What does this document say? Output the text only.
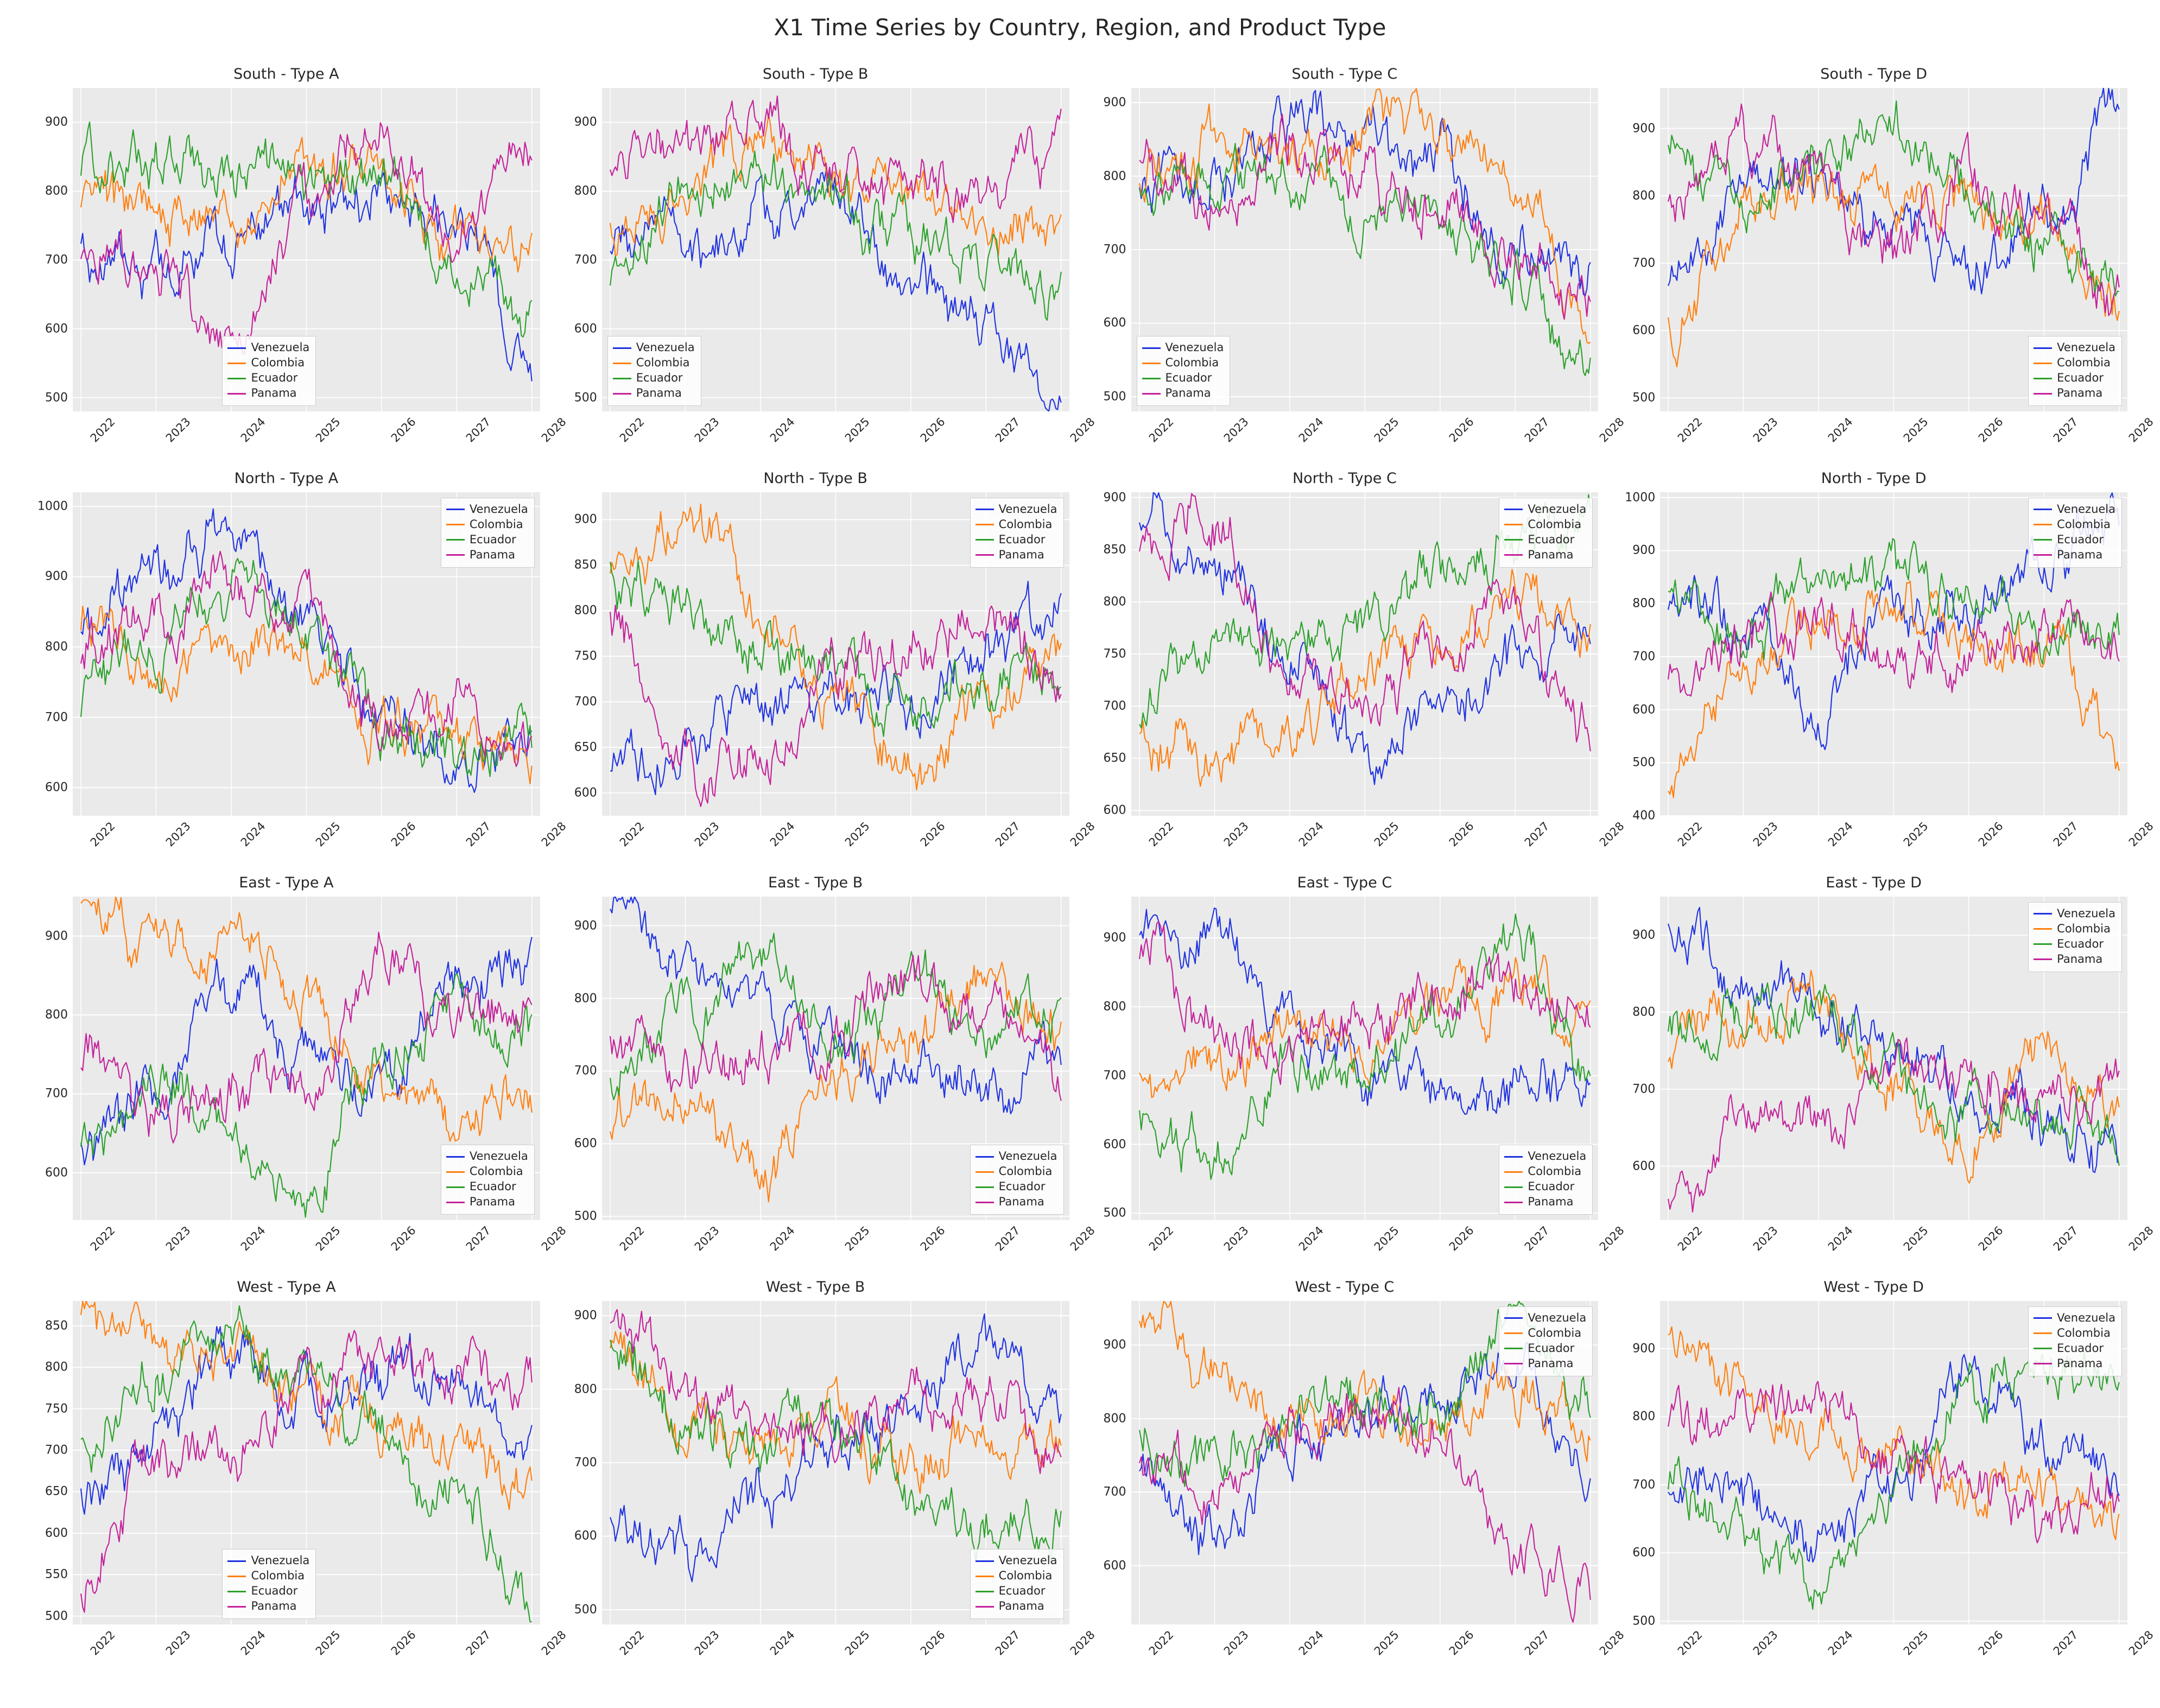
X1 Time Series by Country, Region, and Product Type
South - Type A
500
600
700
800
900
Venezuela
Colombia
Ecuador
Panama
2022	2023	2024	2025	2026	2027	2028
South - Type B
500
600
700
800
900
Venezuela
Colombia
Ecuador
Panama
2022	2023	2024	2025	2026	2027	2028
South - Type C
500
600
700
800
900
Venezuela
Colombia
Ecuador
Panama
2022	2023	2024	2025	2026	2027	2028
South - Type D
500
600
700
800
900
Venezuela
Colombia
Ecuador
Panama
2022	2023	2024	2025	2026	2027	2028
North - Type A
600
700
800
900
1000	Venezuela
Colombia
Ecuador
Panama
2022	2023	2024	2025	2026	2027	2028
North - Type B
600
650
700
750
800
850
900
Venezuela
Colombia
Ecuador
Panama
2022	2023	2024	2025	2026	2027	2028
North - Type C
600
650
700
750
800
850
900
Venezuela
Colombia
Ecuador
Panama
2022	2023	2024	2025	2026	2027	2028
North - Type D
400
500
600
700
800
900
1000
Venezuela
Colombia
Ecuador
Panama
2022	2023	2024	2025	2026	2027	2028
East - Type A
600
700
800
900
Venezuela
Colombia
Ecuador
Panama
2022	2023	2024	2025	2026	2027	2028
East - Type B
500
600
700
800
900
Venezuela
Colombia
Ecuador
Panama
2022	2023	2024	2025	2026	2027	2028
East - Type C
500
600
700
800
900
Venezuela
Colombia
Ecuador
Panama
2022	2023	2024	2025	2026	2027	2028
East - Type D
600
700
800
900
Venezuela
Colombia
Ecuador
Panama
2022	2023	2024	2025	2026	2027	2028
West - Type A
500
550
600
650
700
750
800
850
Venezuela
Colombia
Ecuador
Panama
2022	2023	2024	2025	2026	2027	2028
West - Type B
500
600
700
800
900
Venezuela
Colombia
Ecuador
Panama
2022	2023	2024	2025	2026	2027	2028
West - Type C
600
700
800
900
Venezuela
Colombia
Ecuador
Panama
2022	2023	2024	2025	2026	2027	2028
West - Type D
500
600
700
800
900
Venezuela
Colombia
Ecuador
Panama
2022	2023	2024	2025	2026	2027	2028
